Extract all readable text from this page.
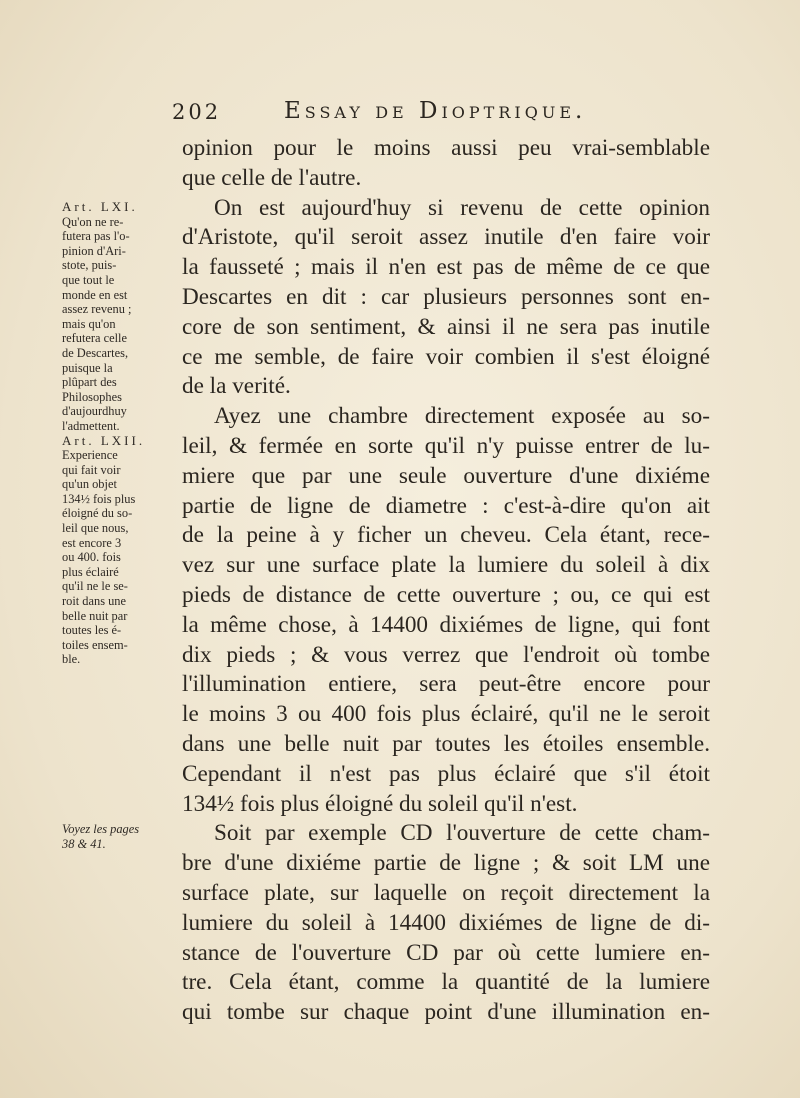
202	Essay de Dioptrique.
Art. LXI.
Qu'on ne re-
futera pas l'o-
pinion d'Ari-
stote, puis-
que tout le
monde en est
assez revenu ;
mais qu'on
refutera celle
de Descartes,
puisque la
plûpart des
Philosophes
d'aujourdhuy
l'admettent.
Art. LXII.
Experience
qui fait voir
qu'un objet
134½ fois plus
éloigné du so-
leil que nous,
est encore 3
ou 400. fois
plus éclairé
qu'il ne le se-
roit dans une
belle nuit par
toutes les é-
toiles ensem-
ble.
Voyez les pages
38 & 41.
opinion pour le moins aussi peu vrai-semblable
que celle de l'autre.
On est aujourd'huy si revenu de cette opinion
d'Aristote, qu'il seroit assez inutile d'en faire voir
la fausseté ; mais il n'en est pas de même de ce que
Descartes en dit : car plusieurs personnes sont en-
core de son sentiment, & ainsi il ne sera pas inutile
ce me semble, de faire voir combien il s'est éloigné
de la verité.
Ayez une chambre directement exposée au so-
leil, & fermée en sorte qu'il n'y puisse entrer de lu-
miere que par une seule ouverture d'une dixiéme
partie de ligne de diametre : c'est-à-dire qu'on ait
de la peine à y ficher un cheveu. Cela étant, rece-
vez sur une surface plate la lumiere du soleil à dix
pieds de distance de cette ouverture ; ou, ce qui est
la même chose, à 14400 dixiémes de ligne, qui font
dix pieds ; & vous verrez que l'endroit où tombe
l'illumination entiere, sera peut-être encore pour
le moins 3 ou 400 fois plus éclairé, qu'il ne le seroit
dans une belle nuit par toutes les étoiles ensemble.
Cependant il n'est pas plus éclairé que s'il étoit
134½ fois plus éloigné du soleil qu'il n'est.
Soit par exemple CD l'ouverture de cette cham-
bre d'une dixiéme partie de ligne ; & soit LM une
surface plate, sur laquelle on reçoit directement la
lumiere du soleil à 14400 dixiémes de ligne de di-
stance de l'ouverture CD par où cette lumiere en-
tre. Cela étant, comme la quantité de la lumiere
qui tombe sur chaque point d'une illumination en-
